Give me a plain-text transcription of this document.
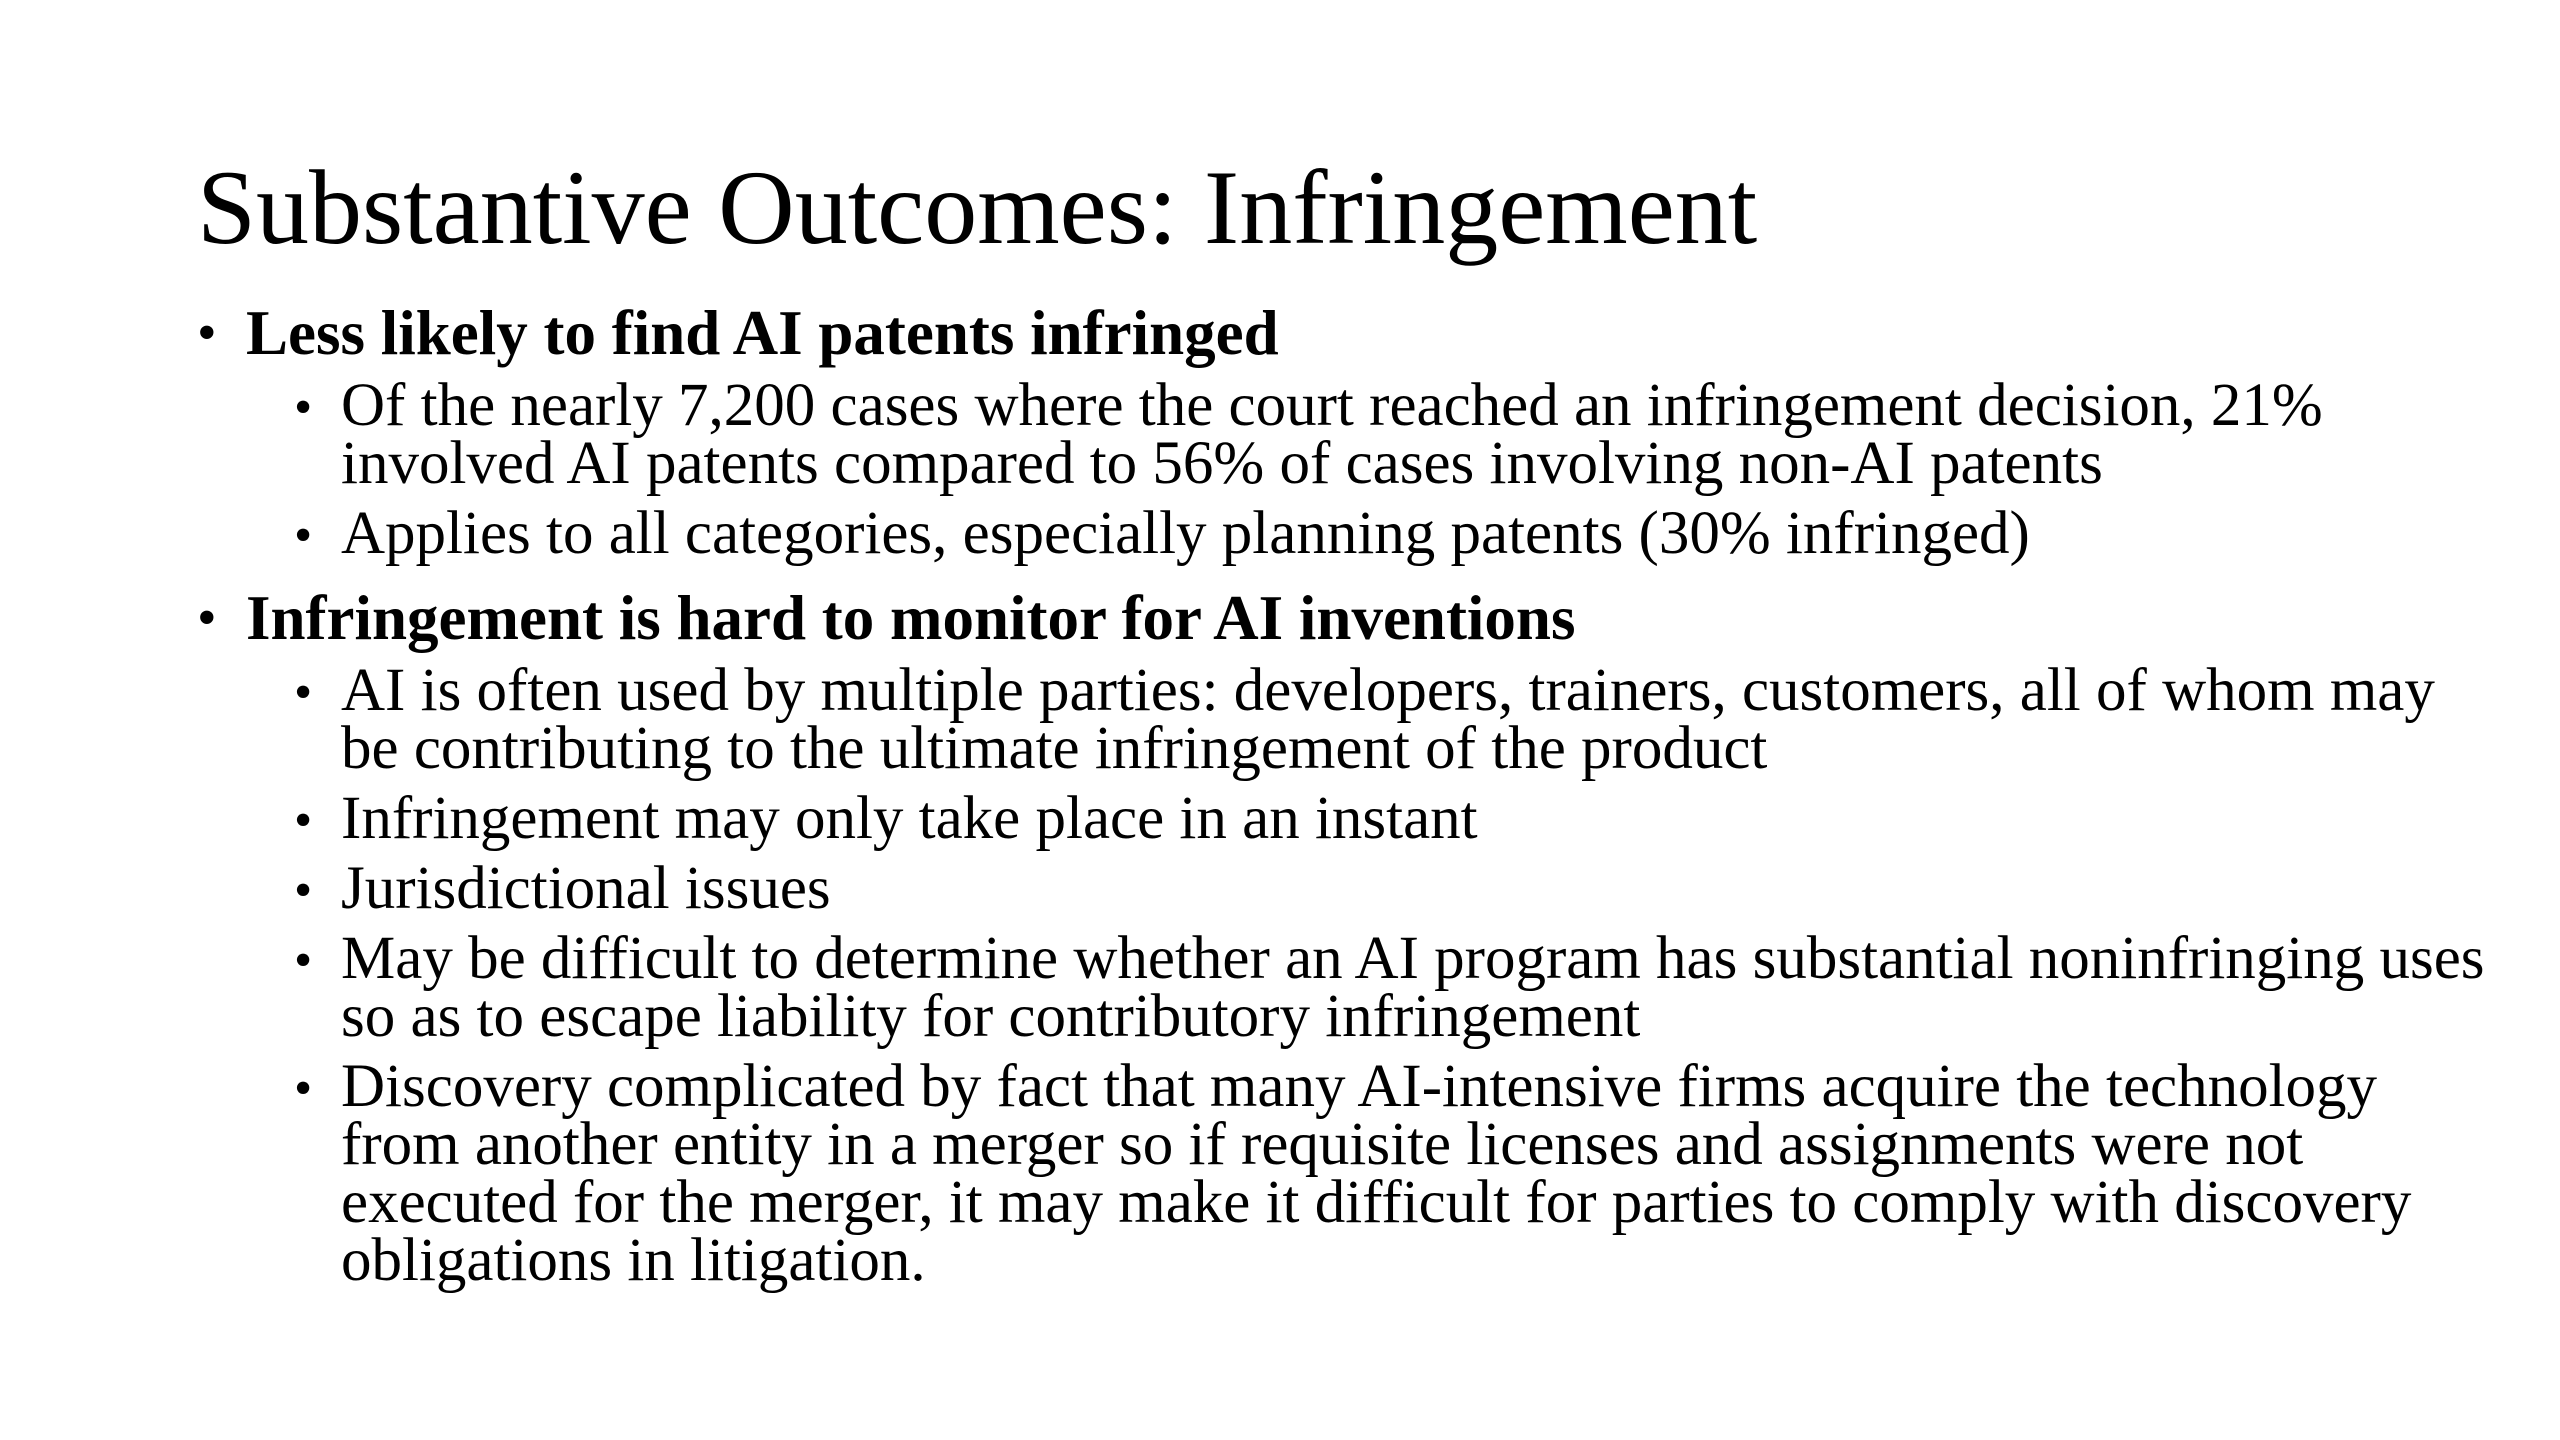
Substantive Outcomes: Infringement
• Less likely to find AI patents infringed
• Of the nearly 7,200 cases where the court reached an infringement decision, 21% involved AI patents compared to 56% of cases involving non-AI patents
• Applies to all categories, especially planning patents (30% infringed)
• Infringement is hard to monitor for AI inventions
• AI is often used by multiple parties: developers, trainers, customers, all of whom may be contributing to the ultimate infringement of the product
• Infringement may only take place in an instant
• Jurisdictional issues
• May be difficult to determine whether an AI program has substantial noninfringing uses so as to escape liability for contributory infringement
• Discovery complicated by fact that many AI-intensive firms acquire the technology from another entity in a merger so if requisite licenses and assignments were not executed for the merger, it may make it difficult for parties to comply with discovery obligations in litigation.
